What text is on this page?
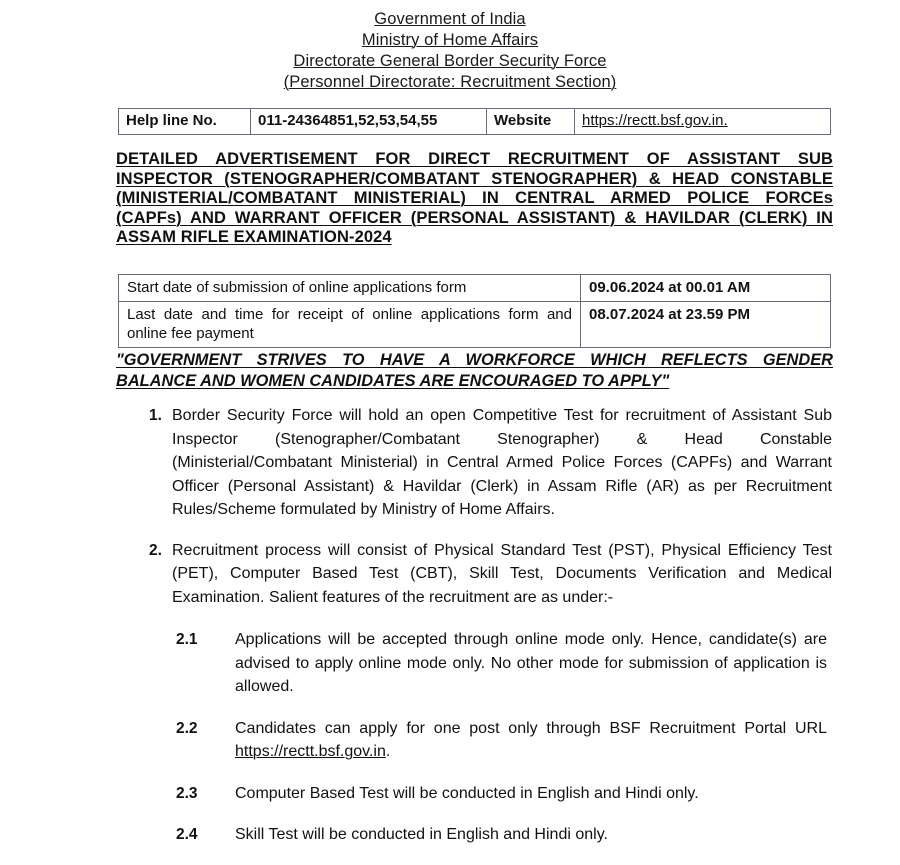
Government of India
Ministry of Home Affairs
Directorate General Border Security Force
(Personnel Directorate: Recruitment Section)
Help line No.	011-24364851,52,53,54,55	Website	https://rectt.bsf.gov.in.
DETAILED   ADVERTISEMENT   FOR   DIRECT   RECRUITMENT   OF   ASSISTANT   SUB
INSPECTOR (STENOGRAPHER/COMBATANT STENOGRAPHER) & HEAD CONSTABLE
(MINISTERIAL/COMBATANT   MINISTERIAL)   IN   CENTRAL   ARMED   POLICE   FORCEs
(CAPFs) AND WARRANT OFFICER (PERSONAL ASSISTANT) & HAVILDAR (CLERK) IN
ASSAM RIFLE EXAMINATION-2024
Start date of submission of online applications form	09.06.2024 at 00.01 AM
Last date and time for receipt of online applications form and online fee payment	08.07.2024 at 23.59 PM
"GOVERNMENT   STRIVES   TO   HAVE   A   WORKFORCE   WHICH   REFLECTS   GENDER
BALANCE AND WOMEN CANDIDATES ARE ENCOURAGED TO APPLY"
1. Border Security Force will hold an open Competitive Test for recruitment of Assistant Sub Inspector (Stenographer/Combatant Stenographer) & Head Constable (Ministerial/Combatant Ministerial) in Central Armed Police Forces (CAPFs) and Warrant Officer (Personal Assistant) & Havildar (Clerk) in Assam Rifle (AR) as per Recruitment Rules/Scheme formulated by Ministry of Home Affairs.
2. Recruitment process will consist of Physical Standard Test (PST), Physical Efficiency Test (PET), Computer Based Test (CBT), Skill Test, Documents Verification and Medical Examination. Salient features of the recruitment are as under:-
2.1	Applications will be accepted through online mode only. Hence, candidate(s) are advised to apply online mode only. No other mode for submission of application is allowed.
2.2	Candidates can apply for one post only through BSF Recruitment Portal URL https://rectt.bsf.gov.in.
2.3	Computer Based Test will be conducted in English and Hindi only.
2.4	Skill Test will be conducted in English and Hindi only.
